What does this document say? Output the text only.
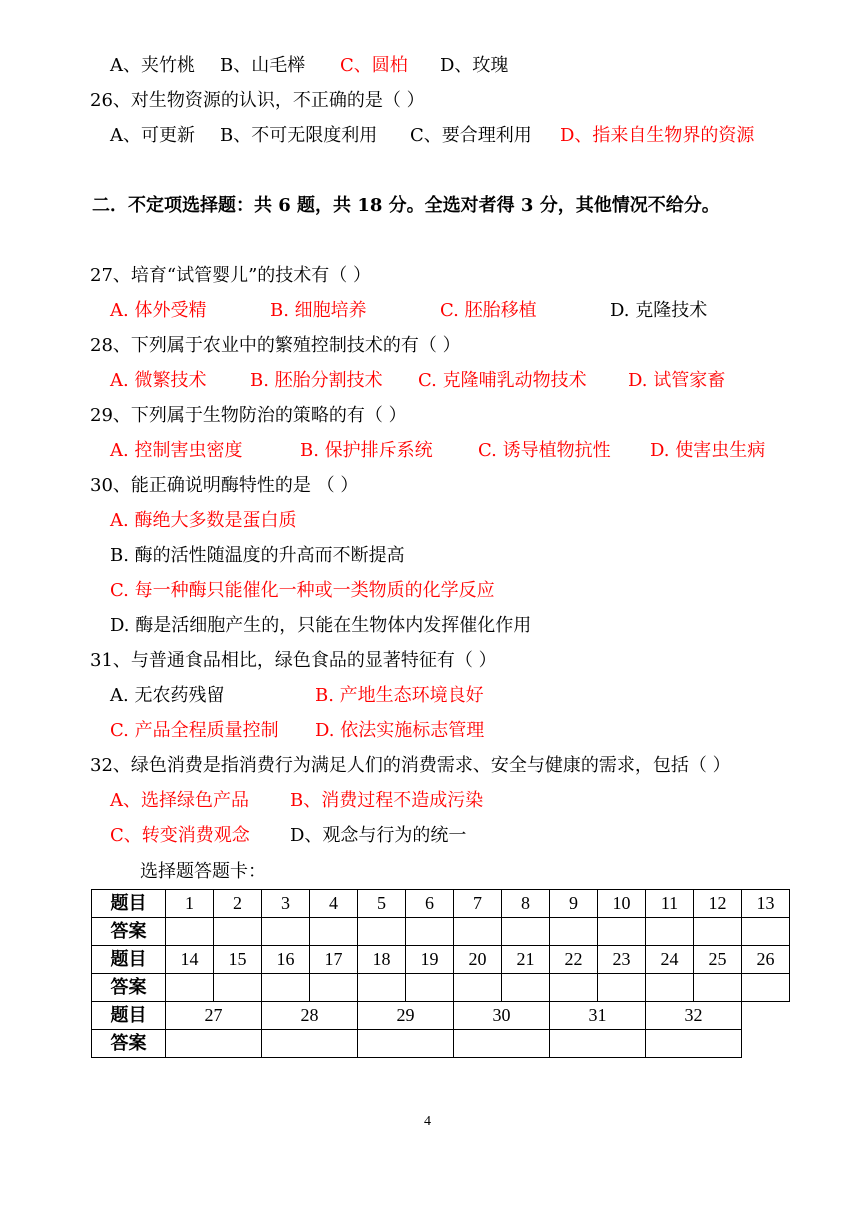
A、夹竹桃 B、山毛榉 C、圆柏 D、玫瑰
26、对生物资源的认识，不正确的是（ ）
A、可更新 B、不可无限度利用 C、要合理利用 D、指来自生物界的资源
二．不定项选择题：共 6 题，共 18 分。全选对者得 3 分，其他情况不给分。
27、培育“试管婴儿”的技术有（ ）
A. 体外受精	B. 细胞培养	C. 胚胎移植	D. 克隆技术
28、下列属于农业中的繁殖控制技术的有（ ）
A. 微繁技术 B. 胚胎分割技术 C. 克隆哺乳动物技术 D. 试管家畜
29、下列属于生物防治的策略的有（ ）
A. 控制害虫密度	B. 保护排斥系统	C. 诱导植物抗性 D. 使害虫生病
30、能正确说明酶特性的是 （ ）
A. 酶绝大多数是蛋白质
B. 酶的活性随温度的升高而不断提高
C. 每一种酶只能催化一种或一类物质的化学反应
D. 酶是活细胞产生的，只能在生物体内发挥催化作用
31、与普通食品相比，绿色食品的显著特征有（ ）
A. 无农药残留	B. 产地生态环境良好
C. 产品全程质量控制 D. 依法实施标志管理
32、绿色消费是指消费行为满足人们的消费需求、安全与健康的需求，包括（ ）
A、选择绿色产品 B、消费过程不造成污染
C、转变消费观念 D、观念与行为的统一
选择题答题卡：
题目	1	2	3	4	5	6	7	8	9	10	11	12	13
答案													
题目	14	15	16	17	18	19	20	21	22	23	24	25	26
答案													
题目	27		28		29		30		31		32		
答案													
4
